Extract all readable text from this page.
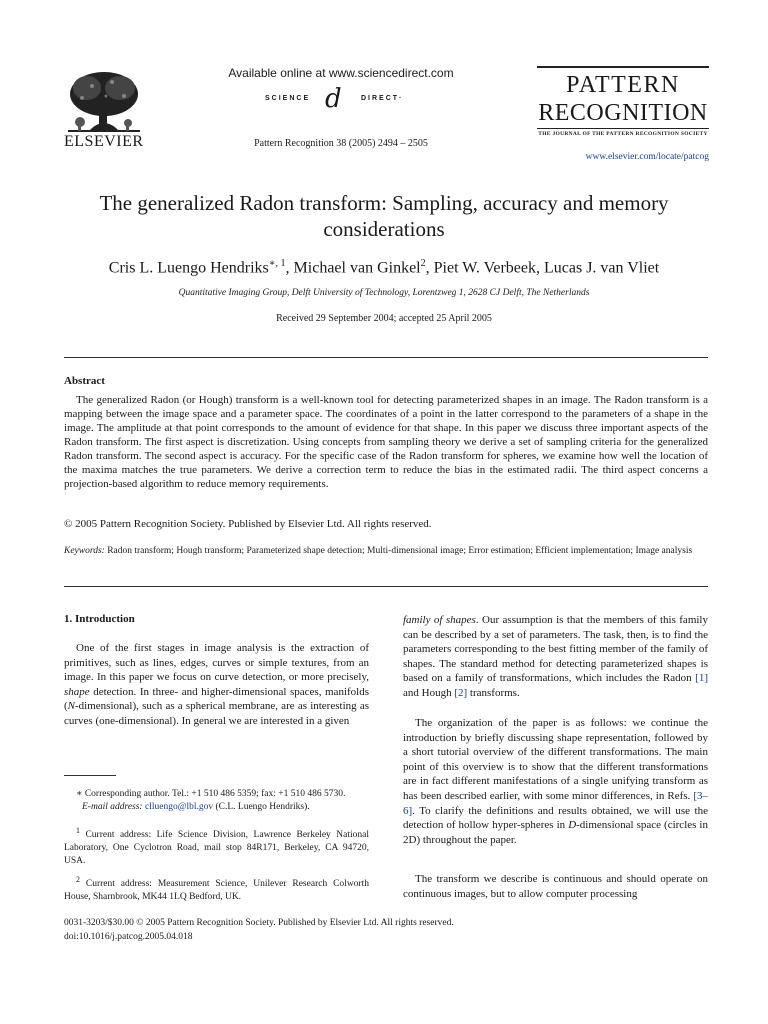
ELSEVIER
Available online at www.sciencedirect.com
SCIENCE d	DIRECT·
Pattern Recognition 38 (2005) 2494 – 2505
PATTERN
RECOGNITION
THE JOURNAL OF THE PATTERN RECOGNITION SOCIETY
www.elsevier.com/locate/patcog
The generalized Radon transform: Sampling, accuracy and memory considerations
Cris L. Luengo Hendriks$^{∗, 1}$, Michael van Ginkel$^2$, Piet W. Verbeek, Lucas J. van Vliet
Quantitative Imaging Group, Delft University of Technology, Lorentzweg 1, 2628 CJ Delft, The Netherlands
Received 29 September 2004; accepted 25 April 2005
Abstract
The generalized Radon (or Hough) transform is a well-known tool for detecting parameterized shapes in an image. The Radon transform is a mapping between the image space and a parameter space. The coordinates of a point in the latter correspond to the parameters of a shape in the image. The amplitude at that point corresponds to the amount of evidence for that shape. In this paper we discuss three important aspects of the Radon transform. The first aspect is discretization. Using concepts from sampling theory we derive a set of sampling criteria for the generalized Radon transform. The second aspect is accuracy. For the specific case of the Radon transform for spheres, we examine how well the location of the maxima matches the true parameters. We derive a correction term to reduce the bias in the estimated radii. The third aspect concerns a projection-based algorithm to reduce memory requirements.
© 2005 Pattern Recognition Society. Published by Elsevier Ltd. All rights reserved.
Keywords: Radon transform; Hough transform; Parameterized shape detection; Multi-dimensional image; Error estimation; Efficient implementation; Image analysis
1. Introduction
One of the first stages in image analysis is the extraction of primitives, such as lines, edges, curves or simple textures, from an image. In this paper we focus on curve detection, or more precisely, shape detection. In three- and higher-dimensional spaces, manifolds (N-dimensional), such as a spherical membrane, are as interesting as curves (one-dimensional). In general we are interested in a given
∗ Corresponding author. Tel.: +1 510 486 5359; fax: +1 510 486 5730.
E-mail address: clluengo@lbl.gov (C.L. Luengo Hendriks).
$^1$ Current address: Life Science Division, Lawrence Berkeley National Laboratory, One Cyclotron Road, mail stop 84R171, Berkeley, CA 94720, USA.
$^2$ Current address: Measurement Science, Unilever Research Colworth House, Sharnbrook, MK44 1LQ Bedford, UK.
family of shapes. Our assumption is that the members of this family can be described by a set of parameters. The task, then, is to find the parameters corresponding to the best fitting member of the family of shapes. The standard method for detecting parameterized shapes is based on a family of transformations, which includes the Radon [1] and Hough [2] transforms.
The organization of the paper is as follows: we continue the introduction by briefly discussing shape representation, followed by a short tutorial overview of the different transformations. The main point of this overview is to show that the different transformations are in fact different manifestations of a single unifying transform as has been described earlier, with some minor differences, in Refs. [3–6]. To clarify the definitions and results obtained, we will use the detection of hollow hyper-spheres in D-dimensional space (circles in 2D) throughout the paper.
The transform we describe is continuous and should operate on continuous images, but to allow computer processing
0031-3203/$30.00 © 2005 Pattern Recognition Society. Published by Elsevier Ltd. All rights reserved.
doi:10.1016/j.patcog.2005.04.018
